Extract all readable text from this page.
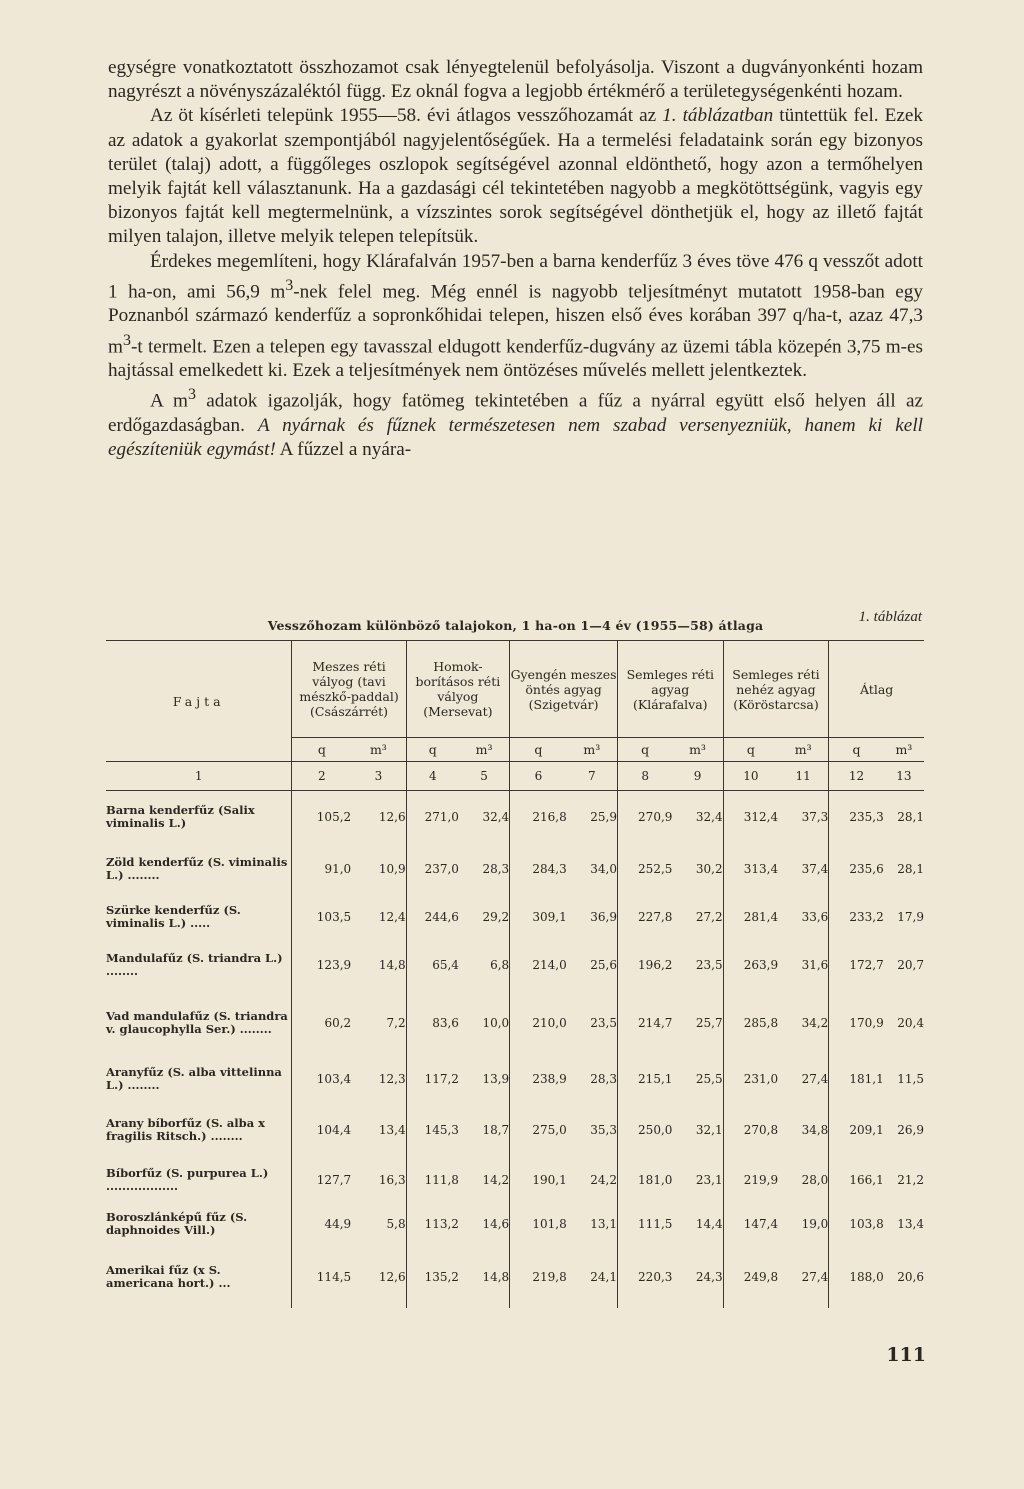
egységre vonatkoztatott összhozamot csak lényegtelenül befolyásolja. Viszont a dugványonkénti hozam nagyrészt a növényszázaléktól függ. Ez oknál fogva a legjobb értékmérő a területegységenkénti hozam.

Az öt kísérleti telepünk 1955—58. évi átlagos vesszőhozamát az 1. táblázatban tüntettük fel. Ezek az adatok a gyakorlat szempontjából nagyjelentőségűek. Ha a termelési feladataink során egy bizonyos terület (talaj) adott, a függőleges oszlopok segítségével azonnal eldönthető, hogy azon a termőhelyen melyik fajtát kell választanunk. Ha a gazdasági cél tekintetében nagyobb a megkötöttségünk, vagyis egy bizonyos fajtát kell megtermelnünk, a vízszintes sorok segítségével dönthetjük el, hogy az illető fajtát milyen talajon, illetve melyik telepen telepítsük.

Érdekes megemlíteni, hogy Klárafalván 1957-ben a barna kenderfűz 3 éves töve 476 q vesszőt adott 1 ha-on, ami 56,9 $m^3$-nek felel meg. Még ennél is nagyobb teljesítményt mutatott 1958-ban egy Poznanból származó kenderfűz a sopronkőhidai telepen, hiszen első éves korában 397 q/ha-t, azaz 47,3 $m^3-t$ termelt. Ezen a telepen egy tavasszal eldugott kenderfűz-dugvány az üzemi tábla közepén 3,75 m-es hajtással emelkedett ki. Ezek a teljesítmények nem öntözéses művelés mellett jelentkeztek.

A $m^3$ adatok igazolják, hogy fatömeg tekintetében a fűz a nyárral együtt első helyen áll az erdőgazdaságban. A nyárnak és fűznek természetesen nem szabad versenyezniük, hanem ki kell egészíteniük egymást! A fűzzel a nyára-

1. táblázat
Vesszőhozam különböző talajokon, 1 ha-on 1—4 év (1955—58) átlaga
Fajta	Meszes réti vályog (tavi mészkő-paddal) (Császárrét)		Homok-borításos réti vályog (Mersevat)		Gyengén meszes öntés agyag (Szigetvár)		Semleges réti agyag (Klárafalva)		Semleges réti nehéz agyag (Köröstarcsa)		Átlag	
	q	m³	q	m³	q	m³	q	m³	q	m³	q	m³
1	2	3	4	5	6	7	8	9	10	11	12	13
Barna kenderfűz (Salix viminalis L.)	105,2	12,6	271,0	32,4	216,8	25,9	270,9	32,4	312,4	37,3	235,3	28,1
Zöld kenderfűz (S. viminalis L.) ........	91,0	10,9	237,0	28,3	284,3	34,0	252,5	30,2	313,4	37,4	235,6	28,1
Szürke kenderfűz (S. viminalis L.) .....	103,5	12,4	244,6	29,2	309,1	36,9	227,8	27,2	281,4	33,6	233,2	17,9
Mandulafűz (S. triandra L.) ........	123,9	14,8	65,4	6,8	214,0	25,6	196,2	23,5	263,9	31,6	172,7	20,7
Vad mandulafűz (S. triandra v. glaucophylla Ser.) ........	60,2	7,2	83,6	10,0	210,0	23,5	214,7	25,7	285,8	34,2	170,9	20,4
Aranyfűz (S. alba vittelinna L.) ........	103,4	12,3	117,2	13,9	238,9	28,3	215,1	25,5	231,0	27,4	181,1	11,5
Arany bíborfűz (S. alba x fragilis Ritsch.) ........	104,4	13,4	145,3	18,7	275,0	35,3	250,0	32,1	270,8	34,8	209,1	26,9
Bíborfűz (S. purpurea L.) ..................	127,7	16,3	111,8	14,2	190,1	24,2	181,0	23,1	219,9	28,0	166,1	21,2
Boroszlánképű fűz (S. daphnoides Vill.)	44,9	5,8	113,2	14,6	101,8	13,1	111,5	14,4	147,4	19,0	103,8	13,4
Amerikai fűz (x S. americana hort.) ...	114,5	12,6	135,2	14,8	219,8	24,1	220,3	24,3	249,8	27,4	188,0	20,6
111
